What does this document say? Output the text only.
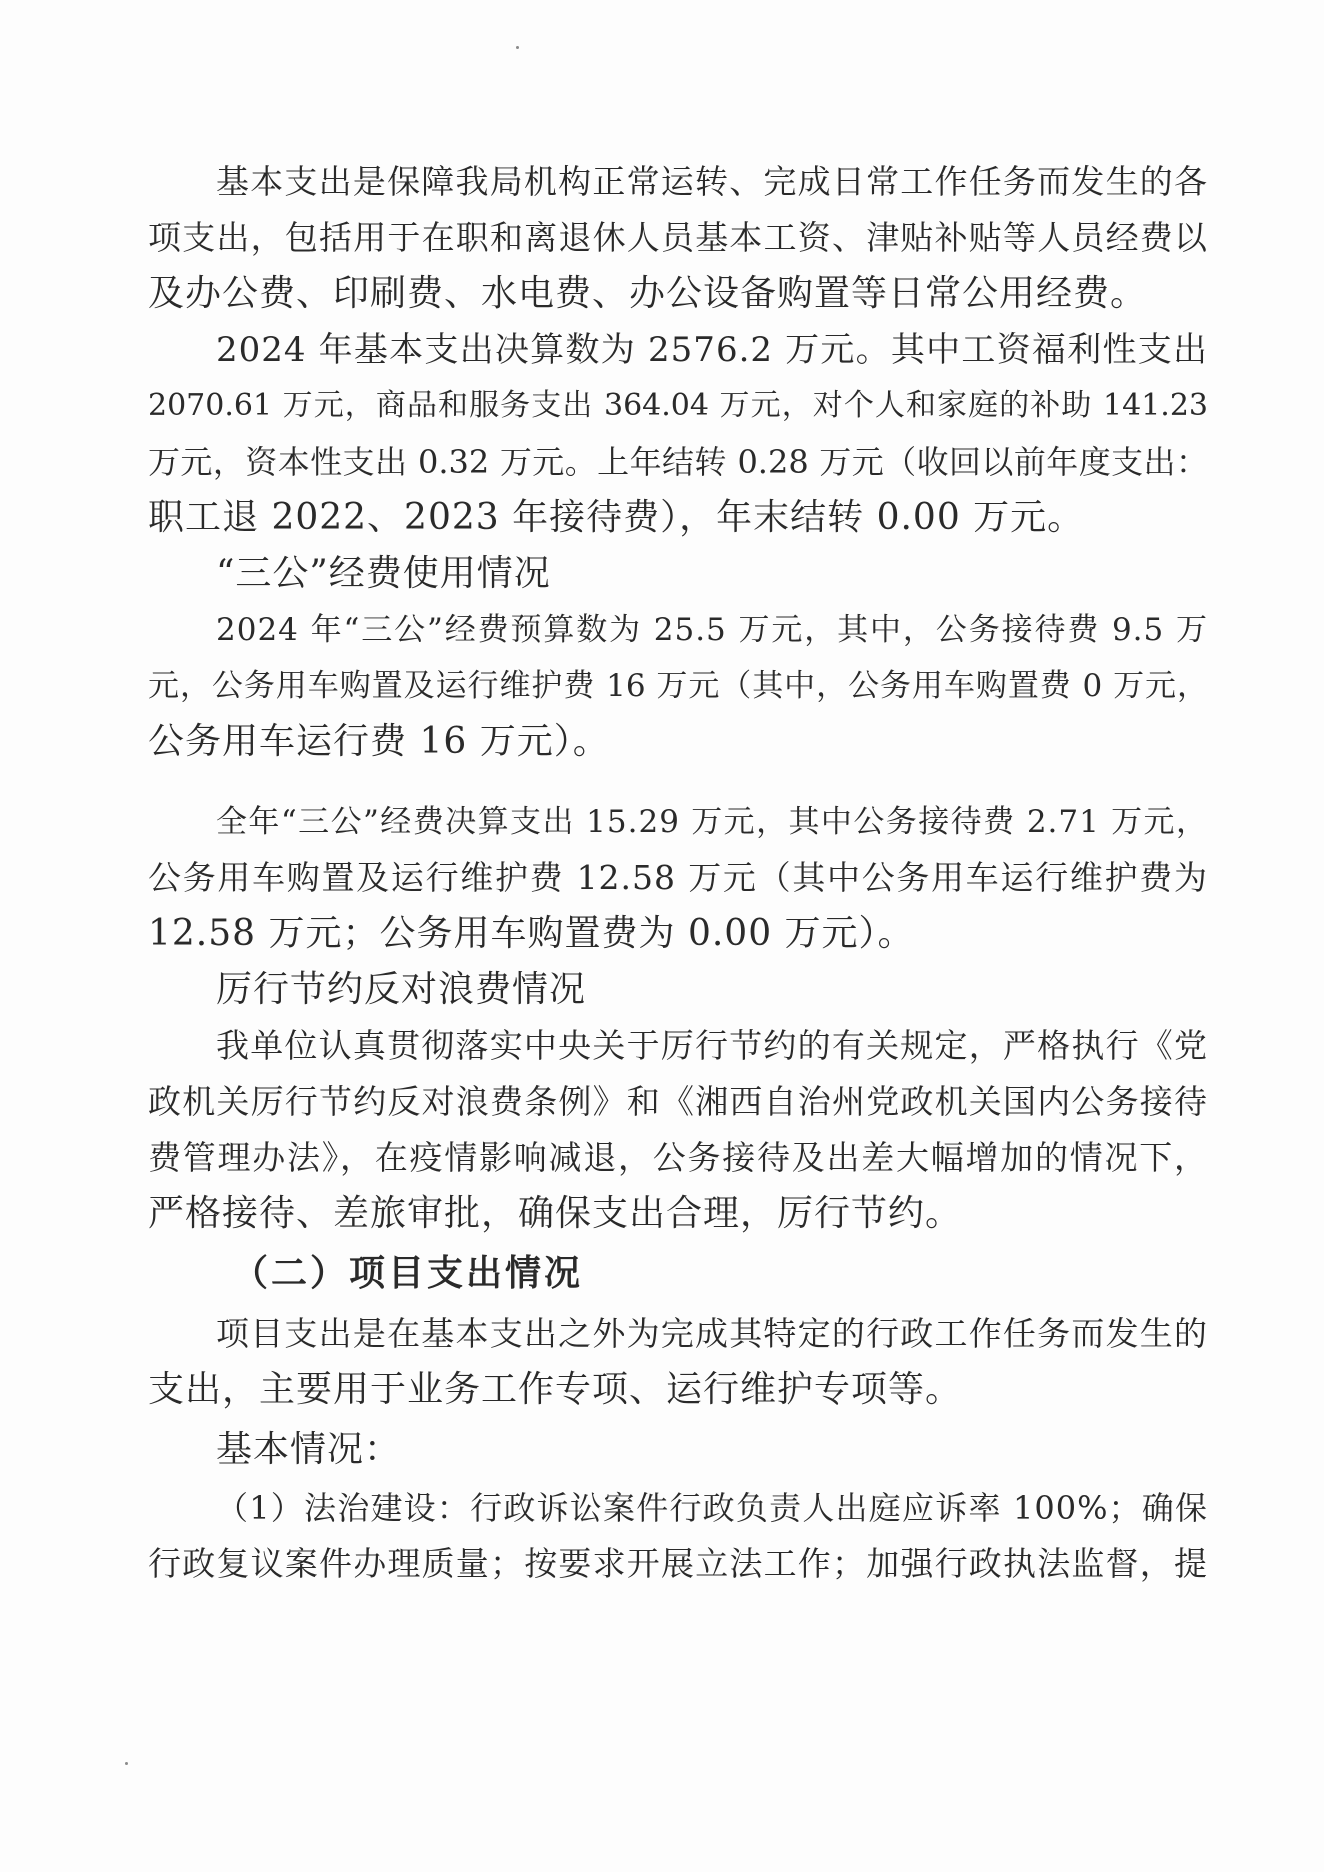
基本支出是保障我局机构正常运转、完成日常工作任务而发生的各
项支出，包括用于在职和离退休人员基本工资、津贴补贴等人员经费以
及办公费、印刷费、水电费、办公设备购置等日常公用经费。
2024 年基本支出决算数为 2576.2 万元。其中工资福利性支出
2070.61 万元，商品和服务支出 364.04 万元，对个人和家庭的补助 141.23
万元，资本性支出 0.32 万元。上年结转 0.28 万元（收回以前年度支出：
职工退 2022、2023 年接待费），年末结转 0.00 万元。
“三公”经费使用情况
2024 年“三公”经费预算数为 25.5 万元，其中，公务接待费 9.5 万
元，公务用车购置及运行维护费 16 万元（其中，公务用车购置费 0 万元，
公务用车运行费 16 万元）。
全年“三公”经费决算支出 15.29 万元，其中公务接待费 2.71 万元，
公务用车购置及运行维护费 12.58 万元（其中公务用车运行维护费为
12.58 万元；公务用车购置费为 0.00 万元）。
厉行节约反对浪费情况
我单位认真贯彻落实中央关于厉行节约的有关规定，严格执行《党
政机关厉行节约反对浪费条例》和《湘西自治州党政机关国内公务接待
费管理办法》，在疫情影响减退，公务接待及出差大幅增加的情况下，
严格接待、差旅审批，确保支出合理，厉行节约。
（二）项目支出情况
项目支出是在基本支出之外为完成其特定的行政工作任务而发生的
支出，主要用于业务工作专项、运行维护专项等。
基本情况：
（1）法治建设：行政诉讼案件行政负责人出庭应诉率 100%；确保
行政复议案件办理质量；按要求开展立法工作；加强行政执法监督，提
